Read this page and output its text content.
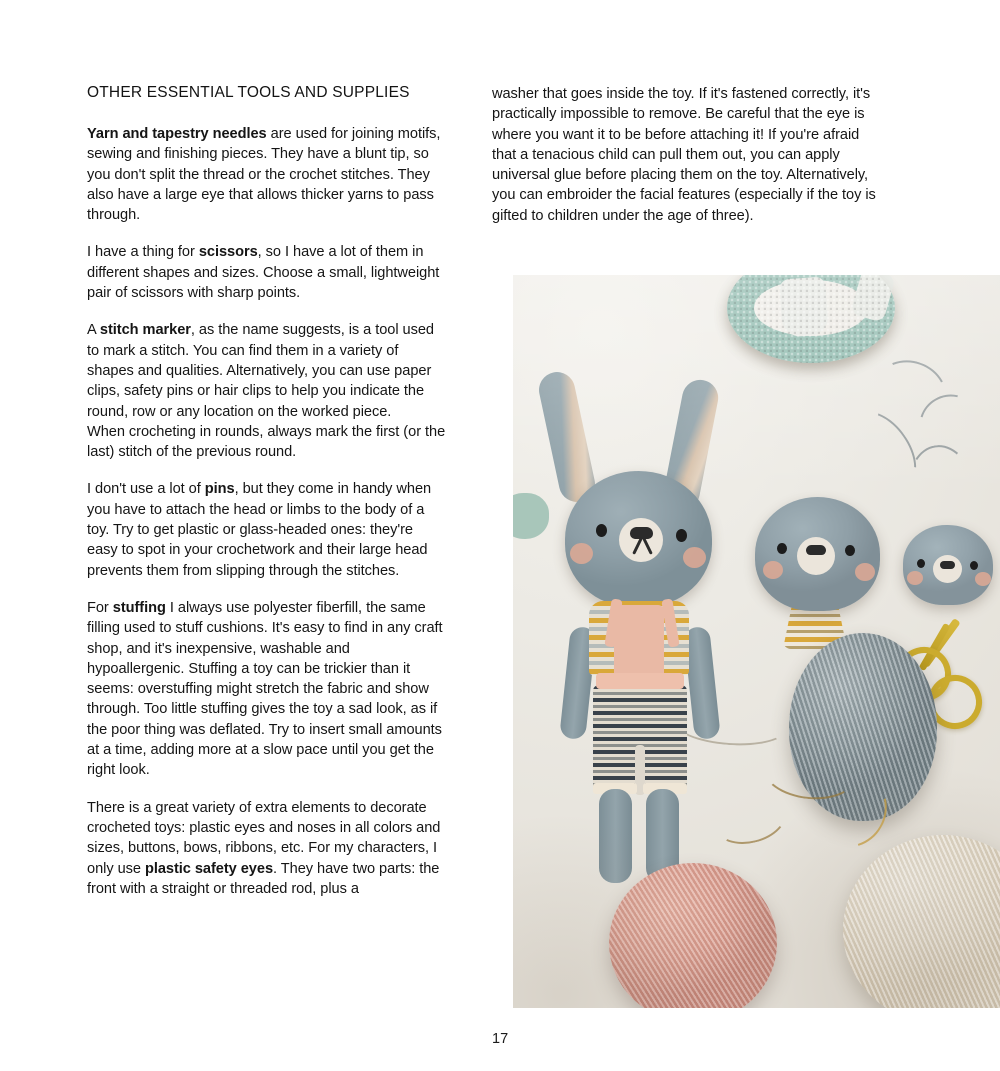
OTHER ESSENTIAL TOOLS AND SUPPLIES

Yarn and tapestry needles are used for joining motifs, sewing and finishing pieces. They have a blunt tip, so you don't split the thread or the crochet stitches. They also have a large eye that allows thicker yarns to pass through.

I have a thing for scissors, so I have a lot of them in different shapes and sizes. Choose a small, lightweight pair of scissors with sharp points.

A stitch marker, as the name suggests, is a tool used to mark a stitch. You can find them in a variety of shapes and qualities. Alternatively, you can use paper clips, safety pins or hair clips to help you indicate the round, row or any location on the worked piece.
When crocheting in rounds, always mark the first (or the last) stitch of the previous round.

I don't use a lot of pins, but they come in handy when you have to attach the head or limbs to the body of a toy. Try to get plastic or glass-headed ones: they're easy to spot in your crochetwork and their large head prevents them from slipping through the stitches.

For stuffing I always use polyester fiberfill, the same filling used to stuff cushions. It's easy to find in any craft shop, and it's inexpensive, washable and hypoallergenic. Stuffing a toy can be trickier than it seems: overstuffing might stretch the fabric and show through. Too little stuffing gives the toy a sad look, as if the poor thing was deflated. Try to insert small amounts at a time, adding more at a slow pace until you get the right look.

There is a great variety of extra elements to decorate crocheted toys: plastic eyes and noses in all colors and sizes, buttons, bows, ribbons, etc. For my characters, I only use plastic safety eyes. They have two parts: the front with a straight or threaded rod, plus a

washer that goes inside the toy. If it's fastened correctly, it's practically impossible to remove. Be careful that the eye is where you want it to be before attaching it! If you're afraid that a tenacious child can pull them out, you can apply universal glue before placing them on the toy. Alternatively, you can embroider the facial features (especially if the toy is gifted to children under the age of three).

17
